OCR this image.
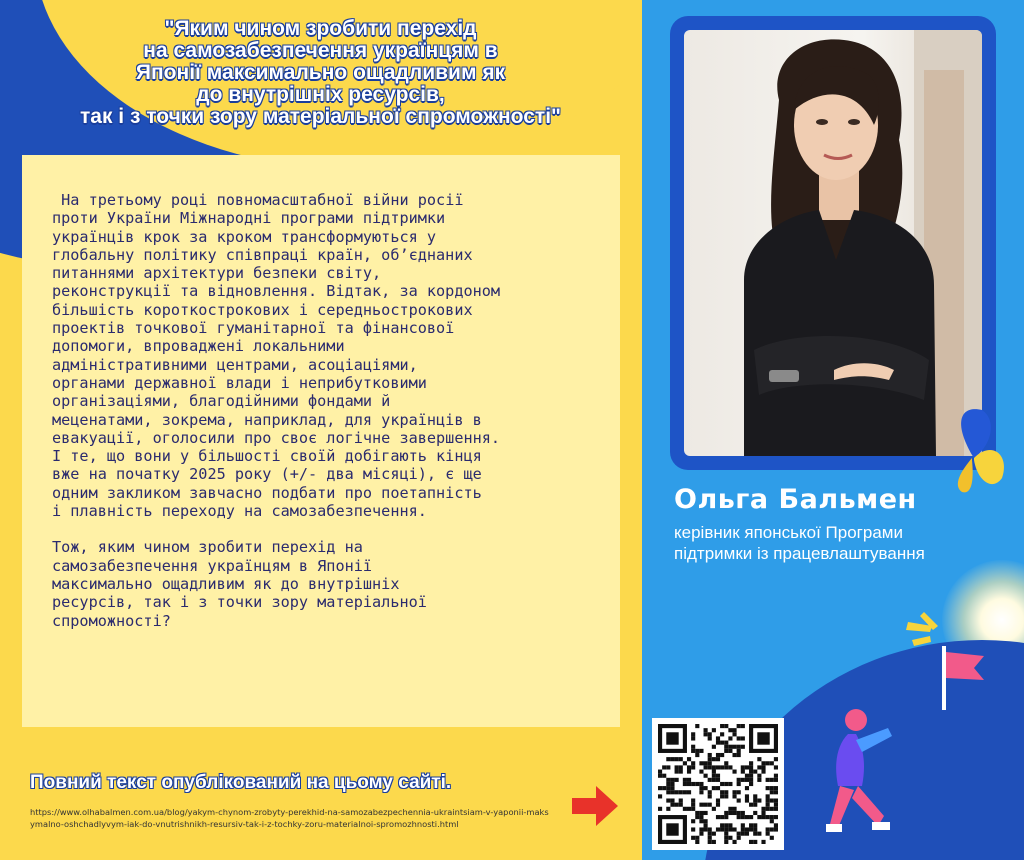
"Яким чином зробити перехід
на самозабезпечення українцям в
Японії максимально ощадливим як
до внутрішніх ресурсів,
так і з точки зору матеріальної спроможності"

На третьому році повномасштабної війни росії
проти України Міжнародні програми підтримки
українців крок за кроком трансформуються у
глобальну політику співпраці країн, об’єднаних
питаннями архітектури безпеки світу,
реконструкції та відновлення. Відтак, за кордоном
більшість короткострокових і середньострокових
проектів точкової гуманітарної та фінансової
допомоги, впроваджені локальними
адміністративними центрами, асоціаціями,
органами державної влади і неприбутковими
організаціями, благодійними фондами й
меценатами, зокрема, наприклад, для українців в
евакуації, оголосили про своє логічне завершення.
І те, що вони у більшості своїй добігають кінця
вже на початку 2025 року (+/- два місяці), є ще
одним закликом завчасно подбати про поетапність
і плавність переходу на самозабезпечення.

Тож, яким чином зробити перехід на
самозабезпечення українцям в Японії
максимально ощадливим як до внутрішніх
ресурсів, так і з точки зору матеріальної
спроможності?

Повний текст опублікований на цьому сайті.
https://www.olhabalmen.com.ua/blog/yakym-chynom-zrobyty-perekhid-na-samozabezpechennia-ukraintsiam-v-yaponii-maksymalno-oshchadlyvym-iak-do-vnutrishnikh-resursiv-tak-i-z-tochky-zoru-materialnoi-spromozhnosti.html
Ольга Бальмен
керівник японської Програми
підтримки із працевлаштування
